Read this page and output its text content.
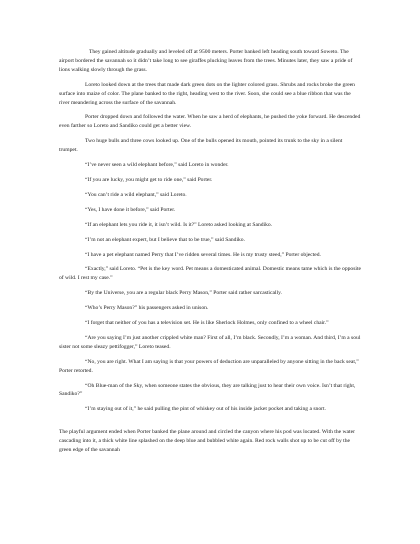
They gained altitude gradually and leveled off at 9500 meters. Porter banked left heading south toward Soweto. The airport bordered the savannah so it didn’t take long to see giraffes plucking leaves from the trees. Minutes later, they saw a pride of lions walking slowly through the grass.

Loreto looked down at the trees that made dark green dots on the lighter colored grass. Shrubs and rocks broke the green surface into maize of color. The plane banked to the right, heading west to the river. Soon, she could see a blue ribbon that was the river meandering across the surface of the savannah.

Porter dropped down and followed the water. When he saw a herd of elephants, he pushed the yoke forward. He descended even farther so Loreto and Sandiko could get a better view.

Two huge bulls and three cows looked up. One of the bulls opened its mouth, pointed its trunk to the sky in a silent trumpet.

“I’ve never seen a wild elephant before,” said Loreto in wonder.

“If you are lucky, you might get to ride one,” said Porter.

“You can’t ride a wild elephant,” said Loreto.

“Yes, I have done it before,” said Porter.

“If an elephant lets you ride it, it isn’t wild. Is it?” Loreto asked looking at Sandiko.

“I’m not an elephant expert, but I believe that to be true,” said Sandiko.

“I have a pet elephant named Perry that I’ve ridden several times. He is my trusty steed,” Porter objected.

“Exactly,” said Loreto. “Pet is the key word. Pet means a domesticated animal. Domestic means tame which is the opposite of wild. I rest my case.”

“By the Universe, you are a regular black Perry Mason,” Porter said rather sarcastically.

“Who’s Perry Mason?” his passengers asked in unison.

“I forget that neither of you has a television set. He is like Sherlock Holmes, only confined to a wheel chair.”

“Are you saying I’m just another crippled white man? First of all, I’m black. Secondly, I’m a woman. And third, I’m a soul sister not some sleazy pettifogger,” Loreto teased.

“No, you are right. What I am saying is that your powers of deduction are unparalleled by anyone sitting in the back seat,” Porter retorted.

“Oh Blue-man of the Sky, when someone states the obvious, they are talking just to hear their own voice. Isn’t that right, Sandiko?”

“I’m staying out of it,” he said pulling the pint of whiskey out of his inside jacket pocket and taking a snort.

The playful argument ended when Porter banked the plane around and circled the canyon where his pod was located. With the water cascading into it, a thick white line splashed on the deep blue and bubbled white again. Red rock walls shot up to be cut off by the green edge of the savannah
